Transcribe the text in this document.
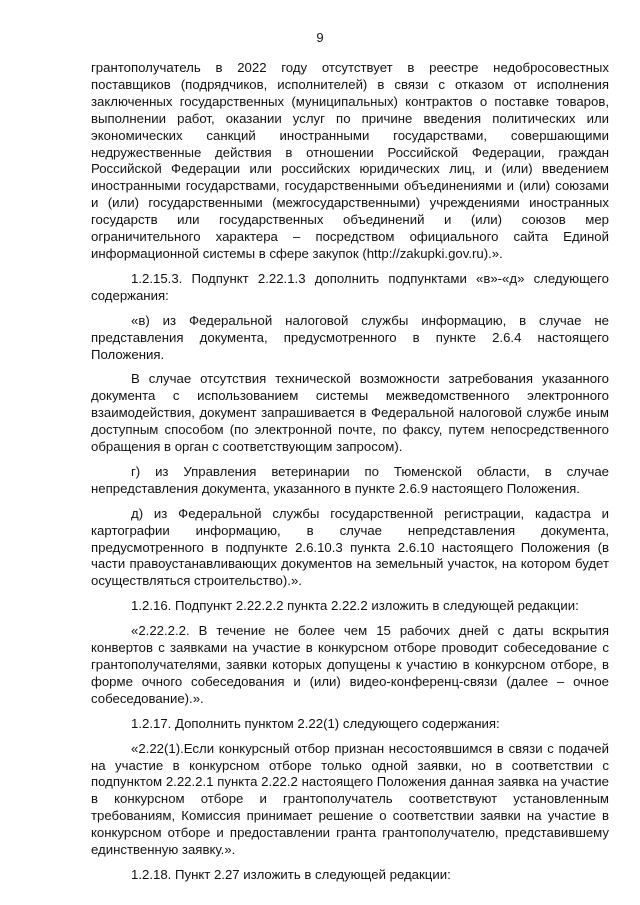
9

грантополучатель в 2022 году отсутствует в реестре недобросовестных поставщиков (подрядчиков, исполнителей) в связи с отказом от исполнения заключенных государственных (муниципальных) контрактов о поставке товаров, выполнении работ, оказании услуг по причине введения политических или экономических санкций иностранными государствами, совершающими недружественные действия в отношении Российской Федерации, граждан Российской Федерации или российских юридических лиц, и (или) введением иностранными государствами, государственными объединениями и (или) союзами и (или) государственными (межгосударственными) учреждениями иностранных государств или государственных объединений и (или) союзов мер ограничительного характера – посредством официального сайта Единой информационной системы в сфере закупок (http://zakupki.gov.ru).».

1.2.15.3. Подпункт 2.22.1.3 дополнить подпунктами «в»-«д» следующего содержания:

«в) из Федеральной налоговой службы информацию, в случае не представления документа, предусмотренного в пункте 2.6.4 настоящего Положения.

В случае отсутствия технической возможности затребования указанного документа с использованием системы межведомственного электронного взаимодействия, документ запрашивается в Федеральной налоговой службе иным доступным способом (по электронной почте, по факсу, путем непосредственного обращения в орган с соответствующим запросом).

г) из Управления ветеринарии по Тюменской области, в случае непредставления документа, указанного в пункте 2.6.9 настоящего Положения.

д) из Федеральной службы государственной регистрации, кадастра и картографии информацию, в случае непредставления документа, предусмотренного в подпункте 2.6.10.3 пункта 2.6.10 настоящего Положения (в части правоустанавливающих документов на земельный участок, на котором будет осуществляться строительство).».

1.2.16. Подпункт 2.22.2.2 пункта 2.22.2 изложить в следующей редакции:

«2.22.2.2. В течение не более чем 15 рабочих дней с даты вскрытия конвертов с заявками на участие в конкурсном отборе проводит собеседование с грантополучателями, заявки которых допущены к участию в конкурсном отборе, в форме очного собеседования и (или) видео-конференц-связи (далее – очное собеседование).».

1.2.17. Дополнить пунктом 2.22(1) следующего содержания:

«2.22(1).Если конкурсный отбор признан несостоявшимся в связи с подачей на участие в конкурсном отборе только одной заявки, но в соответствии с подпунктом 2.22.2.1 пункта 2.22.2 настоящего Положения данная заявка на участие в конкурсном отборе и грантополучатель соответствуют установленным требованиям, Комиссия принимает решение о соответствии заявки на участие в конкурсном отборе и предоставлении гранта грантополучателю, представившему единственную заявку.».

1.2.18. Пункт 2.27 изложить в следующей редакции:
